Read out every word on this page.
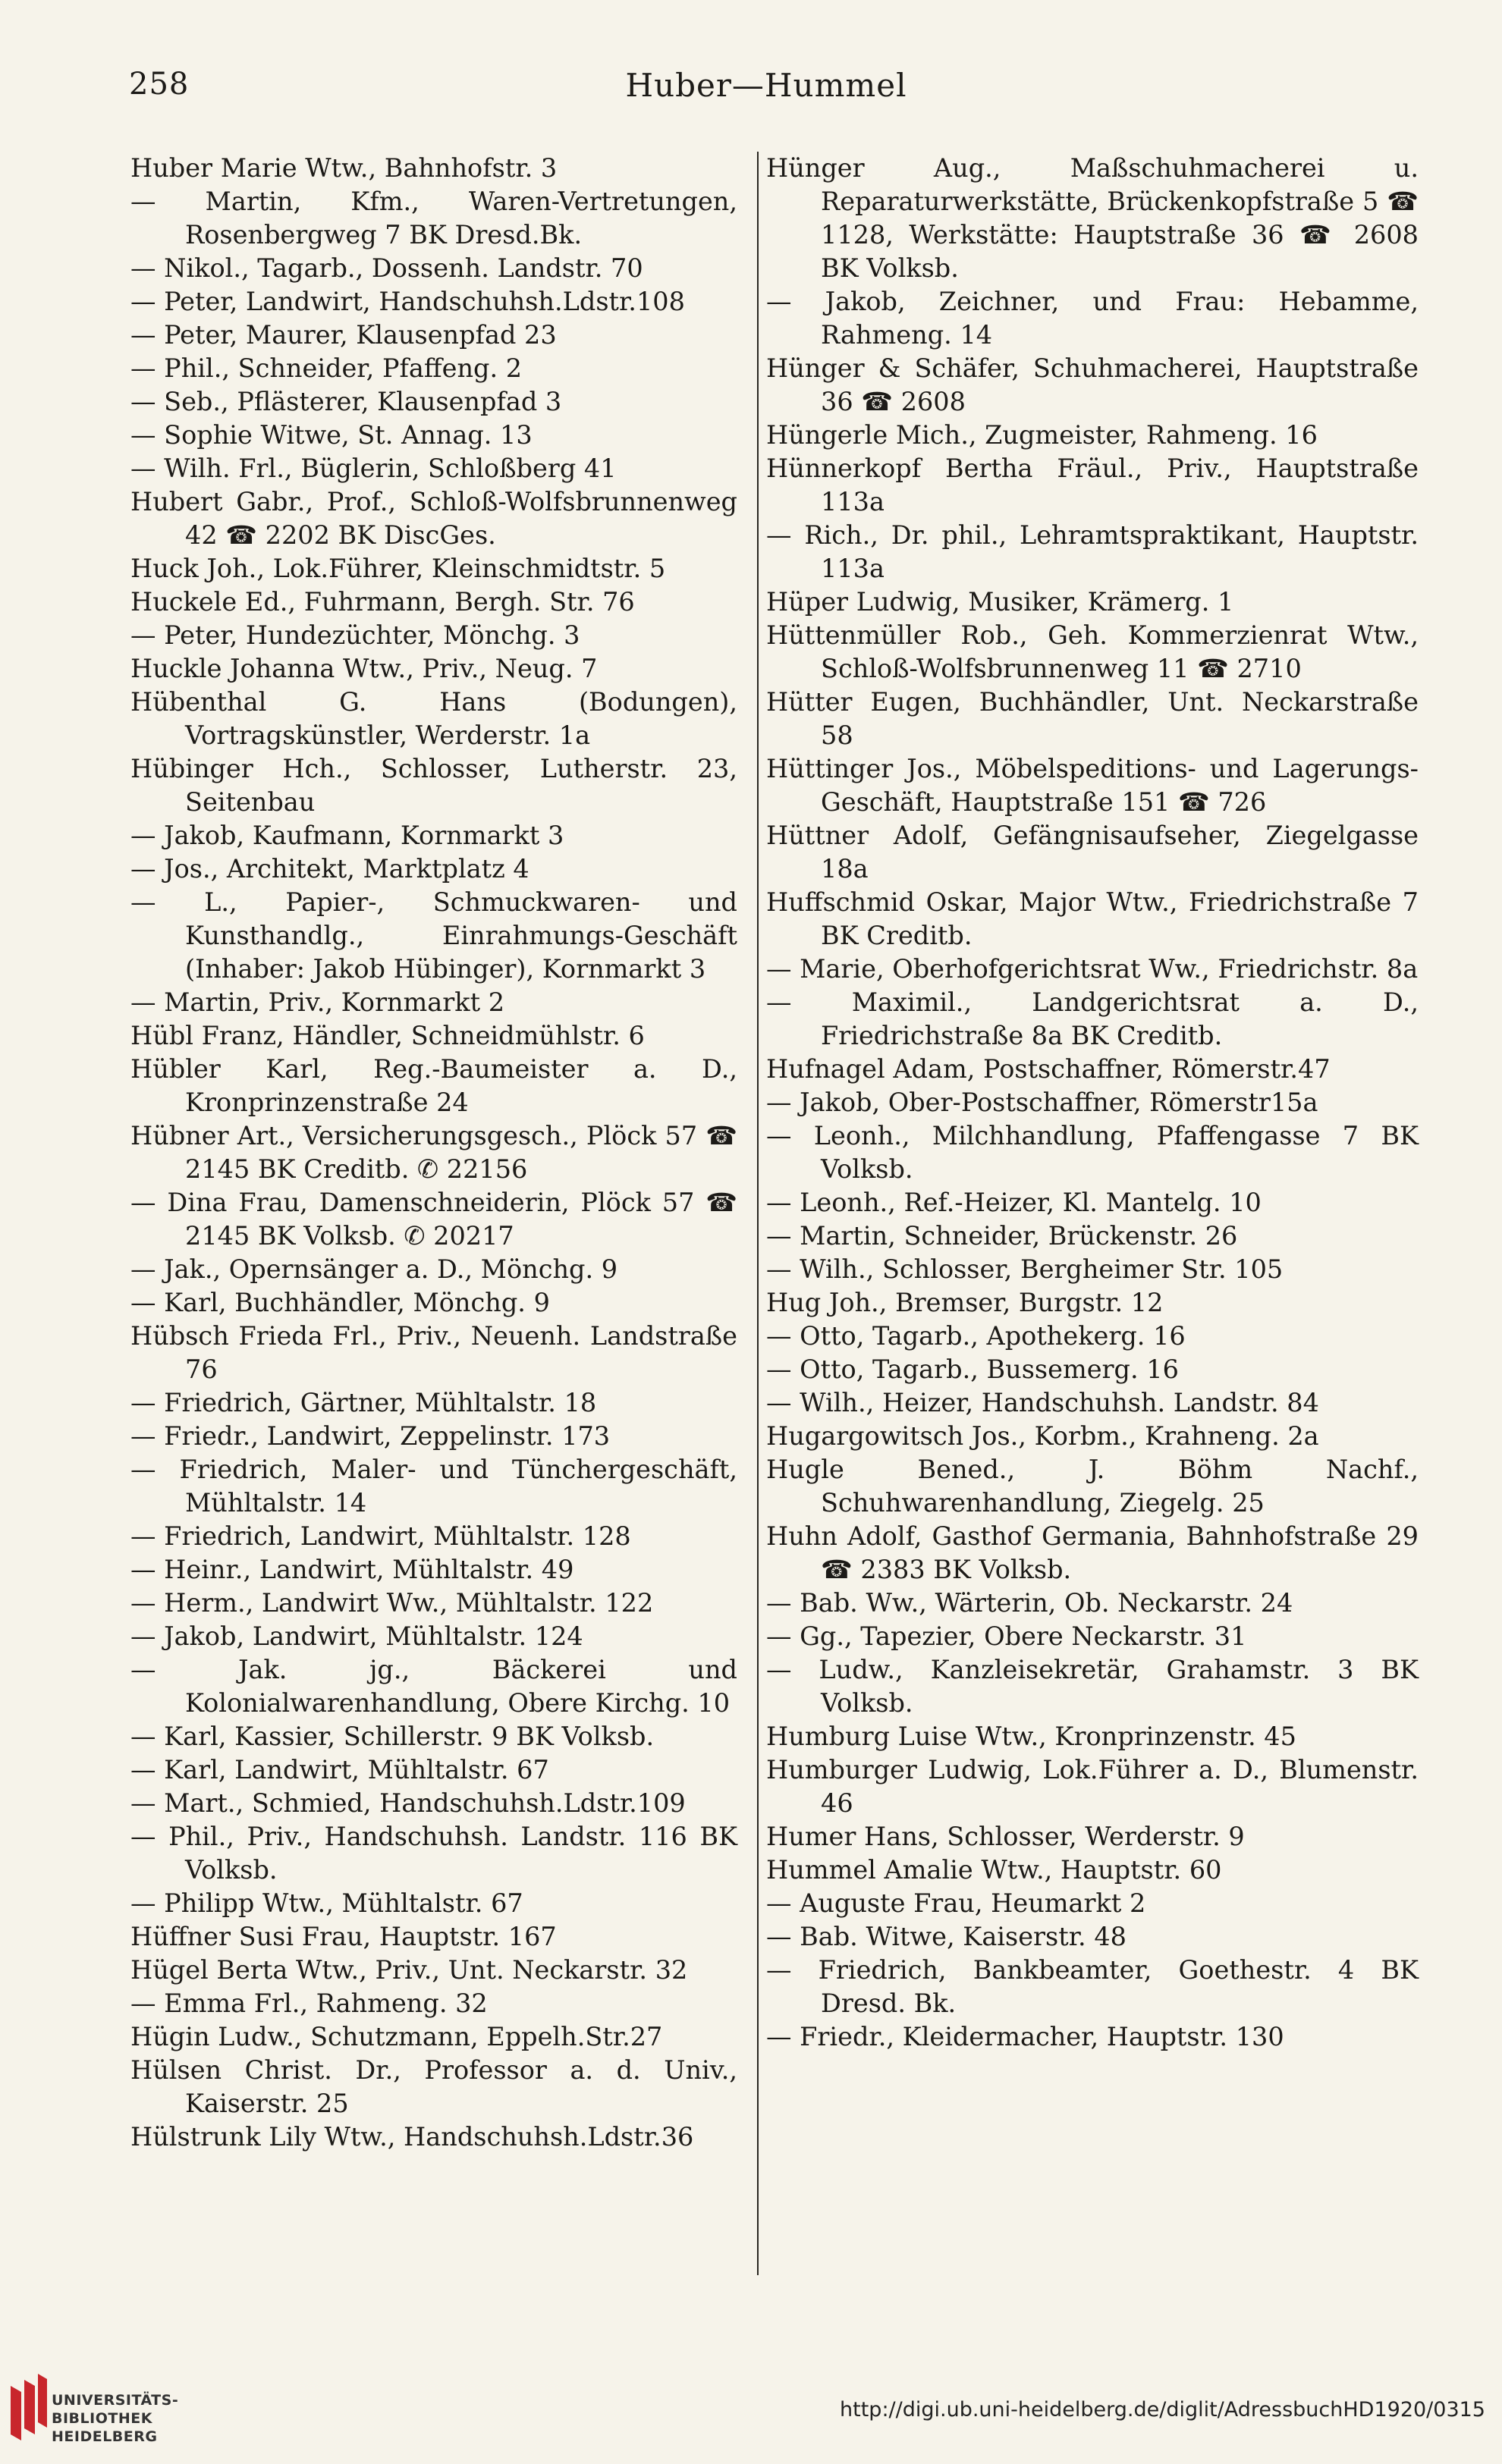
258	Huber—Hummel
Huber Marie Wtw., Bahnhofstr. 3
— Martin, Kfm., Waren-Vertretungen, Rosenbergweg 7 BK Dresd.Bk.
— Nikol., Tagarb., Dossenh. Landstr. 70
— Peter, Landwirt, Handschuhsh.Ldstr.108
— Peter, Maurer, Klausenpfad 23
— Phil., Schneider, Pfaffeng. 2
— Seb., Pflästerer, Klausenpfad 3
— Sophie Witwe, St. Annag. 13
— Wilh. Frl., Büglerin, Schloßberg 41
Hubert Gabr., Prof., Schloß-Wolfsbrunnenweg 42 ☎ 2202 BK DiscGes.
Huck Joh., Lok.Führer, Kleinschmidtstr. 5
Huckele Ed., Fuhrmann, Bergh. Str. 76
— Peter, Hundezüchter, Mönchg. 3
Huckle Johanna Wtw., Priv., Neug. 7
Hübenthal G. Hans (Bodungen), Vortragskünstler, Werderstr. 1a
Hübinger Hch., Schlosser, Lutherstr. 23, Seitenbau
— Jakob, Kaufmann, Kornmarkt 3
— Jos., Architekt, Marktplatz 4
— L., Papier-, Schmuckwaren- und Kunsthandlg., Einrahmungs-Geschäft (Inhaber: Jakob Hübinger), Kornmarkt 3
— Martin, Priv., Kornmarkt 2
Hübl Franz, Händler, Schneidmühlstr. 6
Hübler Karl, Reg.-Baumeister a. D., Kronprinzenstraße 24
Hübner Art., Versicherungsgesch., Plöck 57 ☎ 2145 BK Creditb. ✆ 22156
— Dina Frau, Damenschneiderin, Plöck 57 ☎ 2145 BK Volksb. ✆ 20217
— Jak., Opernsänger a. D., Mönchg. 9
— Karl, Buchhändler, Mönchg. 9
Hübsch Frieda Frl., Priv., Neuenh. Landstraße 76
— Friedrich, Gärtner, Mühltalstr. 18
— Friedr., Landwirt, Zeppelinstr. 173
— Friedrich, Maler- und Tünchergeschäft, Mühltalstr. 14
— Friedrich, Landwirt, Mühltalstr. 128
— Heinr., Landwirt, Mühltalstr. 49
— Herm., Landwirt Ww., Mühltalstr. 122
— Jakob, Landwirt, Mühltalstr. 124
— Jak. jg., Bäckerei und Kolonialwarenhandlung, Obere Kirchg. 10
— Karl, Kassier, Schillerstr. 9 BK Volksb.
— Karl, Landwirt, Mühltalstr. 67
— Mart., Schmied, Handschuhsh.Ldstr.109
— Phil., Priv., Handschuhsh. Landstr. 116 BK Volksb.
— Philipp Wtw., Mühltalstr. 67
Hüffner Susi Frau, Hauptstr. 167
Hügel Berta Wtw., Priv., Unt. Neckarstr. 32
— Emma Frl., Rahmeng. 32
Hügin Ludw., Schutzmann, Eppelh.Str.27
Hülsen Christ. Dr., Professor a. d. Univ., Kaiserstr. 25
Hülstrunk Lily Wtw., Handschuhsh.Ldstr.36
Hünger Aug., Maßschuhmacherei u. Reparaturwerkstätte, Brückenkopfstraße 5 ☎ 1128, Werkstätte: Hauptstraße 36 ☎ 2608 BK Volksb.
— Jakob, Zeichner, und Frau: Hebamme, Rahmeng. 14
Hünger & Schäfer, Schuhmacherei, Hauptstraße 36 ☎ 2608
Hüngerle Mich., Zugmeister, Rahmeng. 16
Hünnerkopf Bertha Fräul., Priv., Hauptstraße 113a
— Rich., Dr. phil., Lehramtspraktikant, Hauptstr. 113a
Hüper Ludwig, Musiker, Krämerg. 1
Hüttenmüller Rob., Geh. Kommerzienrat Wtw., Schloß-Wolfsbrunnenweg 11 ☎ 2710
Hütter Eugen, Buchhändler, Unt. Neckarstraße 58
Hüttinger Jos., Möbelspeditions- und Lagerungs-Geschäft, Hauptstraße 151 ☎ 726
Hüttner Adolf, Gefängnisaufseher, Ziegelgasse 18a
Huffschmid Oskar, Major Wtw., Friedrichstraße 7 BK Creditb.
— Marie, Oberhofgerichtsrat Ww., Friedrichstr. 8a
— Maximil., Landgerichtsrat a. D., Friedrichstraße 8a BK Creditb.
Hufnagel Adam, Postschaffner, Römerstr.47
— Jakob, Ober-Postschaffner, Römerstr15a
— Leonh., Milchhandlung, Pfaffengasse 7 BK Volksb.
— Leonh., Ref.-Heizer, Kl. Mantelg. 10
— Martin, Schneider, Brückenstr. 26
— Wilh., Schlosser, Bergheimer Str. 105
Hug Joh., Bremser, Burgstr. 12
— Otto, Tagarb., Apothekerg. 16
— Otto, Tagarb., Bussemerg. 16
— Wilh., Heizer, Handschuhsh. Landstr. 84
Hugargowitsch Jos., Korbm., Krahneng. 2a
Hugle Bened., J. Böhm Nachf., Schuhwarenhandlung, Ziegelg. 25
Huhn Adolf, Gasthof Germania, Bahnhofstraße 29 ☎ 2383 BK Volksb.
— Bab. Ww., Wärterin, Ob. Neckarstr. 24
— Gg., Tapezier, Obere Neckarstr. 31
— Ludw., Kanzleisekretär, Grahamstr. 3 BK Volksb.
Humburg Luise Wtw., Kronprinzenstr. 45
Humburger Ludwig, Lok.Führer a. D., Blumenstr. 46
Humer Hans, Schlosser, Werderstr. 9
Hummel Amalie Wtw., Hauptstr. 60
— Auguste Frau, Heumarkt 2
— Bab. Witwe, Kaiserstr. 48
— Friedrich, Bankbeamter, Goethestr. 4 BK Dresd. Bk.
— Friedr., Kleidermacher, Hauptstr. 130
UNIVERSITÄTS-
BIBLIOTHEK
HEIDELBERG
http://digi.ub.uni-heidelberg.de/diglit/AdressbuchHD1920/0315
